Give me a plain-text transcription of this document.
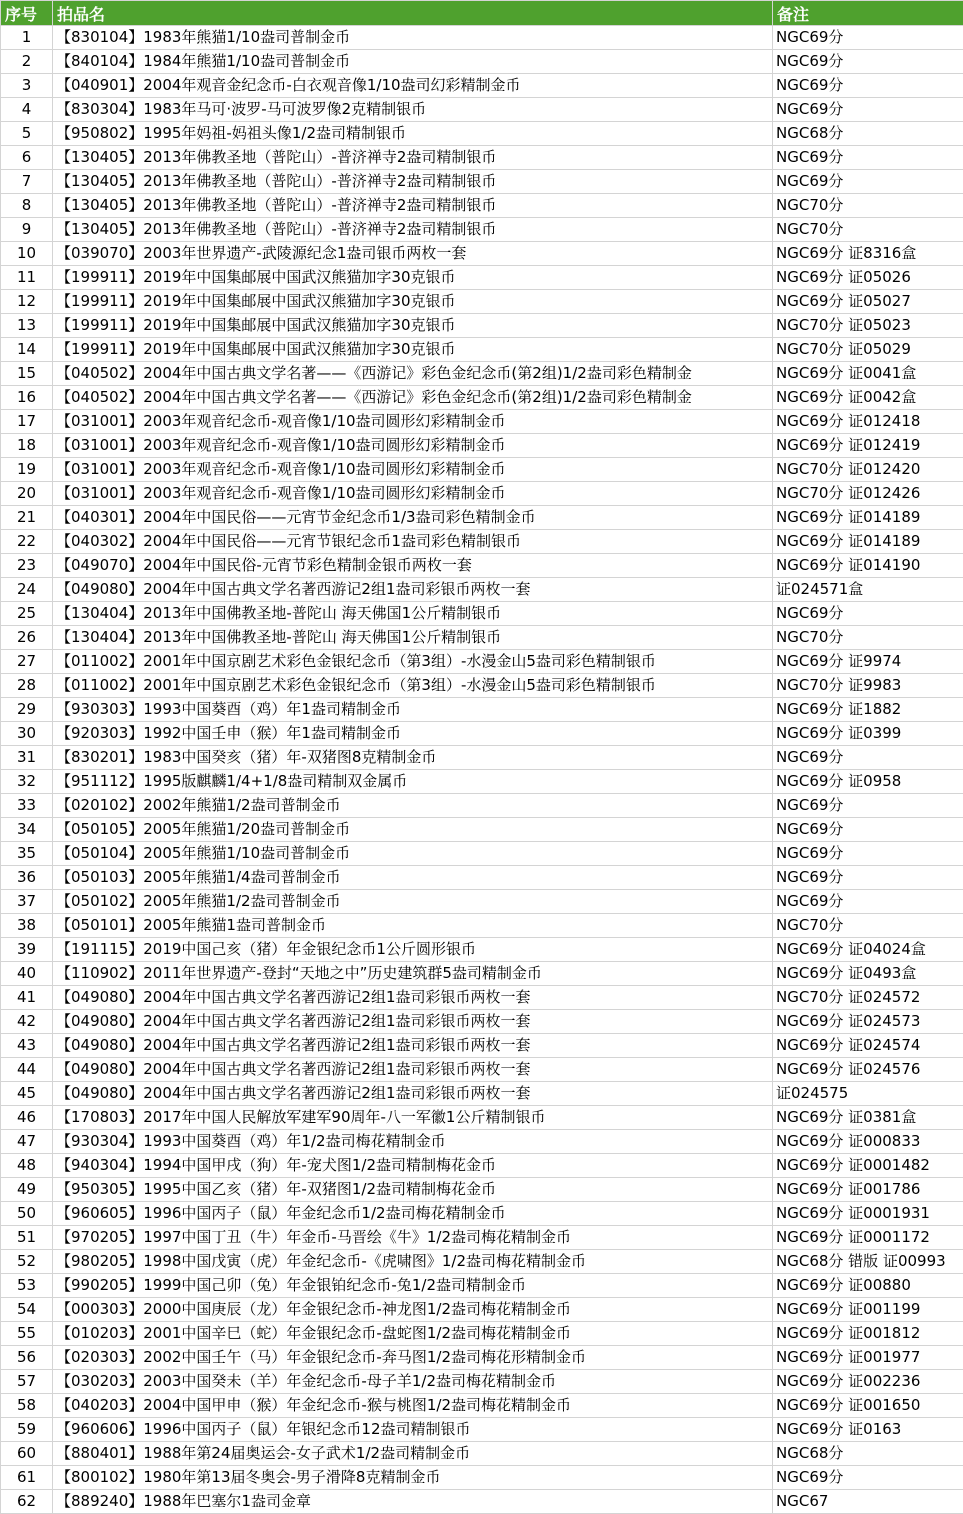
序号	拍品名	备注
1	【830104】1983年熊猫1/10盎司普制金币	NGC69分
2	【840104】1984年熊猫1/10盎司普制金币	NGC69分
3	【040901】2004年观音金纪念币-白衣观音像1/10盎司幻彩精制金币	NGC69分
4	【830304】1983年马可·波罗-马可波罗像2克精制银币	NGC69分
5	【950802】1995年妈祖-妈祖头像1/2盎司精制银币	NGC68分
6	【130405】2013年佛教圣地（普陀山）-普济禅寺2盎司精制银币	NGC69分
7	【130405】2013年佛教圣地（普陀山）-普济禅寺2盎司精制银币	NGC69分
8	【130405】2013年佛教圣地（普陀山）-普济禅寺2盎司精制银币	NGC70分
9	【130405】2013年佛教圣地（普陀山）-普济禅寺2盎司精制银币	NGC70分
10	【039070】2003年世界遗产-武陵源纪念1盎司银币两枚一套	NGC69分 证8316盒
11	【199911】2019年中国集邮展中国武汉熊猫加字30克银币	NGC69分 证05026
12	【199911】2019年中国集邮展中国武汉熊猫加字30克银币	NGC69分 证05027
13	【199911】2019年中国集邮展中国武汉熊猫加字30克银币	NGC70分 证05023
14	【199911】2019年中国集邮展中国武汉熊猫加字30克银币	NGC70分 证05029
15	【040502】2004年中国古典文学名著——《西游记》彩色金纪念币(第2组)1/2盎司彩色精制金	NGC69分 证0041盒
16	【040502】2004年中国古典文学名著——《西游记》彩色金纪念币(第2组)1/2盎司彩色精制金	NGC69分 证0042盒
17	【031001】2003年观音纪念币-观音像1/10盎司圆形幻彩精制金币	NGC69分 证012418
18	【031001】2003年观音纪念币-观音像1/10盎司圆形幻彩精制金币	NGC69分 证012419
19	【031001】2003年观音纪念币-观音像1/10盎司圆形幻彩精制金币	NGC70分 证012420
20	【031001】2003年观音纪念币-观音像1/10盎司圆形幻彩精制金币	NGC70分 证012426
21	【040301】2004年中国民俗——元宵节金纪念币1/3盎司彩色精制金币	NGC69分 证014189
22	【040302】2004年中国民俗——元宵节银纪念币1盎司彩色精制银币	NGC69分 证014189
23	【049070】2004年中国民俗-元宵节彩色精制金银币两枚一套	NGC69分 证014190
24	【049080】2004年中国古典文学名著西游记2组1盎司彩银币两枚一套	证024571盒
25	【130404】2013年中国佛教圣地-普陀山 海天佛国1公斤精制银币	NGC69分
26	【130404】2013年中国佛教圣地-普陀山 海天佛国1公斤精制银币	NGC70分
27	【011002】2001年中国京剧艺术彩色金银纪念币（第3组）-水漫金山5盎司彩色精制银币	NGC69分 证9974
28	【011002】2001年中国京剧艺术彩色金银纪念币（第3组）-水漫金山5盎司彩色精制银币	NGC70分 证9983
29	【930303】1993中国葵酉（鸡）年1盎司精制金币	NGC69分 证1882
30	【920303】1992中国壬申（猴）年1盎司精制金币	NGC69分 证0399
31	【830201】1983中国癸亥（猪）年-双猪图8克精制金币	NGC69分
32	【951112】1995版麒麟1/4+1/8盎司精制双金属币	NGC69分 证0958
33	【020102】2002年熊猫1/2盎司普制金币	NGC69分
34	【050105】2005年熊猫1/20盎司普制金币	NGC69分
35	【050104】2005年熊猫1/10盎司普制金币	NGC69分
36	【050103】2005年熊猫1/4盎司普制金币	NGC69分
37	【050102】2005年熊猫1/2盎司普制金币	NGC69分
38	【050101】2005年熊猫1盎司普制金币	NGC70分
39	【191115】2019中国己亥（猪）年金银纪念币1公斤圆形银币	NGC69分 证04024盒
40	【110902】2011年世界遗产-登封“天地之中”历史建筑群5盎司精制金币	NGC69分 证0493盒
41	【049080】2004年中国古典文学名著西游记2组1盎司彩银币两枚一套	NGC70分 证024572
42	【049080】2004年中国古典文学名著西游记2组1盎司彩银币两枚一套	NGC69分 证024573
43	【049080】2004年中国古典文学名著西游记2组1盎司彩银币两枚一套	NGC69分 证024574
44	【049080】2004年中国古典文学名著西游记2组1盎司彩银币两枚一套	NGC69分 证024576
45	【049080】2004年中国古典文学名著西游记2组1盎司彩银币两枚一套	证024575
46	【170803】2017年中国人民解放军建军90周年-八一军徽1公斤精制银币	NGC69分 证0381盒
47	【930304】1993中国葵酉（鸡）年1/2盎司梅花精制金币	NGC69分 证000833
48	【940304】1994中国甲戌（狗）年-宠犬图1/2盎司精制梅花金币	NGC69分 证0001482
49	【950305】1995中国乙亥（猪）年-双猪图1/2盎司精制梅花金币	NGC69分 证001786
50	【960605】1996中国丙子（鼠）年金纪念币1/2盎司梅花精制金币	NGC69分 证0001931
51	【970205】1997中国丁丑（牛）年金币-马晋绘《牛》1/2盎司梅花精制金币	NGC69分 证0001172
52	【980205】1998中国戊寅（虎）年金纪念币-《虎啸图》1/2盎司梅花精制金币	NGC68分 错版 证00993
53	【990205】1999中国己卯（兔）年金银铂纪念币-兔1/2盎司精制金币	NGC69分 证00880
54	【000303】2000中国庚辰（龙）年金银纪念币-神龙图1/2盎司梅花精制金币	NGC69分 证001199
55	【010203】2001中国辛巳（蛇）年金银纪念币-盘蛇图1/2盎司梅花精制金币	NGC69分 证001812
56	【020303】2002中国壬午（马）年金银纪念币-奔马图1/2盎司梅花形精制金币	NGC69分 证001977
57	【030203】2003中国癸未（羊）年金纪念币-母子羊1/2盎司梅花精制金币	NGC69分 证002236
58	【040203】2004中国甲申（猴）年金纪念币-猴与桃图1/2盎司梅花精制金币	NGC69分 证001650
59	【960606】1996中国丙子（鼠）年银纪念币12盎司精制银币	NGC69分 证0163
60	【880401】1988年第24届奥运会-女子武术1/2盎司精制金币	NGC68分
61	【800102】1980年第13届冬奥会-男子滑降8克精制金币	NGC69分
62	【889240】1988年巴塞尔1盎司金章	NGC67
